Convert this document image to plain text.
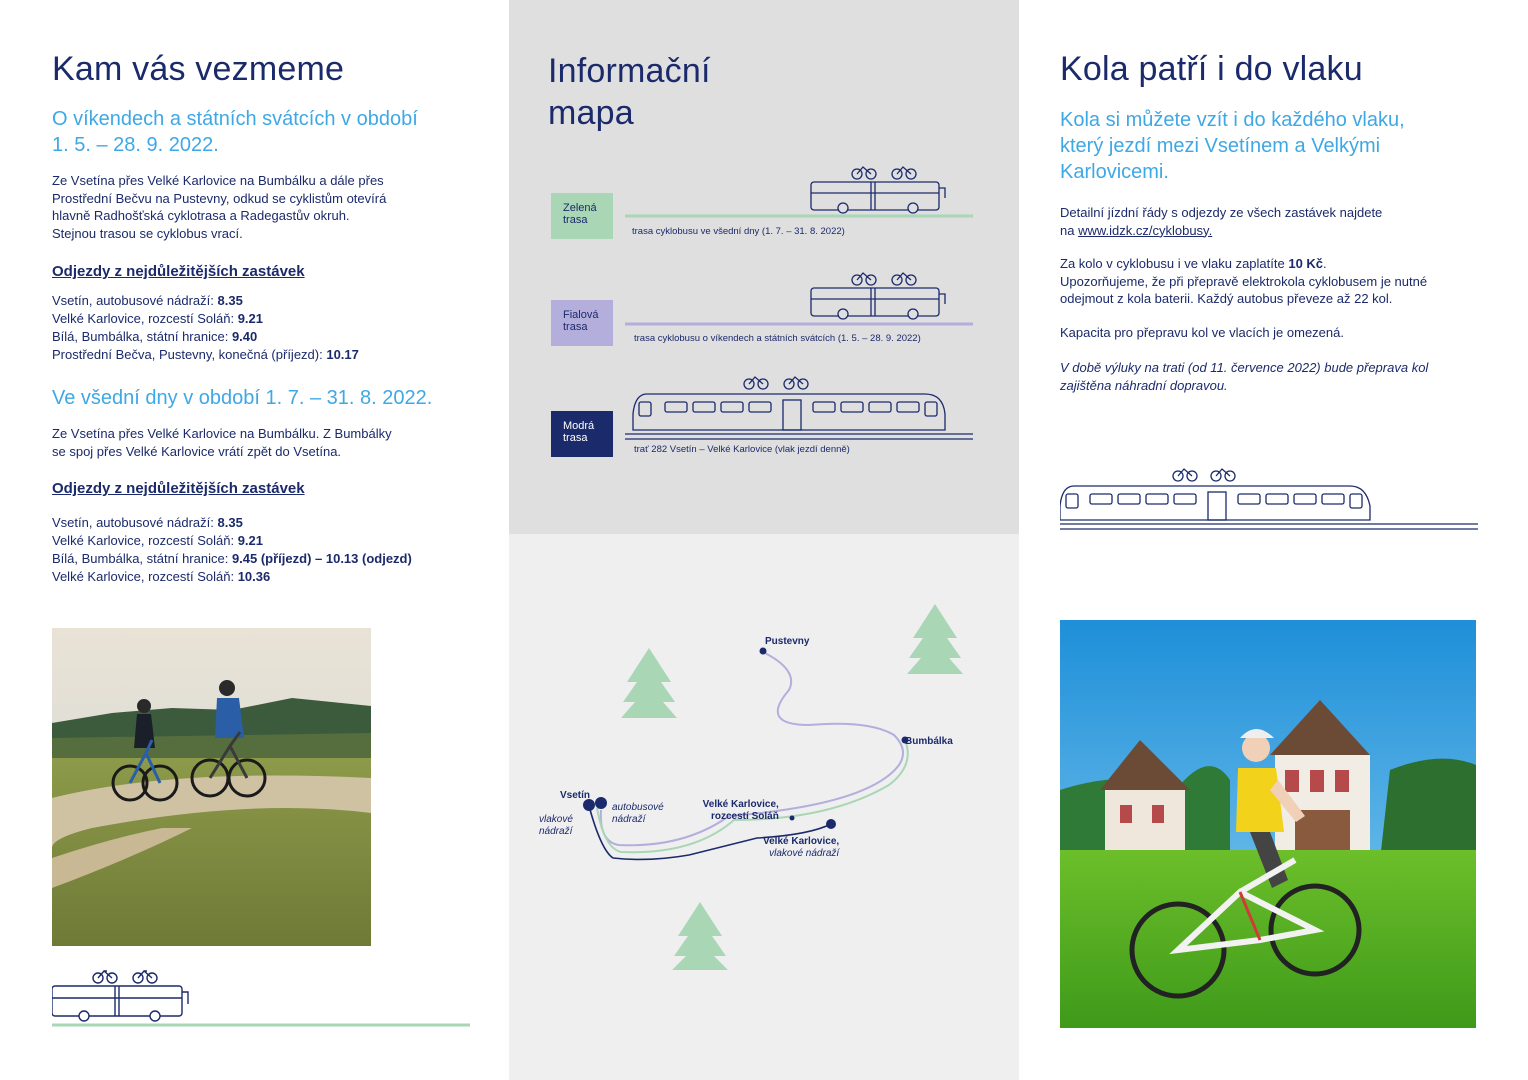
Kam vás vezmeme
O víkendech a státních svátcích v období
1. 5. – 28. 9. 2022.
Ze Vsetína přes Velké Karlovice na Bumbálku a dále přes
Prostřední Bečvu na Pustevny, odkud se cyklistům otevírá
hlavně Radhošťská cyklotrasa a Radegastův okruh.
Stejnou trasou se cyklobus vrací.
Odjezdy z nejdůležitějších zastávek
Vsetín, autobusové nádraží: 8.35
Velké Karlovice, rozcestí Soláň: 9.21
Bílá, Bumbálka, státní hranice: 9.40
Prostřední Bečva, Pustevny, konečná (příjezd): 10.17
Ve všední dny v období 1. 7. – 31. 8. 2022.
Ze Vsetína přes Velké Karlovice na Bumbálku. Z Bumbálky
se spoj přes Velké Karlovice vrátí zpět do Vsetína.
Odjezdy z nejdůležitějších zastávek
Vsetín, autobusové nádraží: 8.35
Velké Karlovice, rozcestí Soláň: 9.21
Bílá, Bumbálka, státní hranice: 9.45 (příjezd) – 10.13 (odjezd)
Velké Karlovice, rozcestí Soláň: 10.36
Informační
mapa
Zelená
trasa
trasa cyklobusu ve všední dny (1. 7. – 31. 8. 2022)
Fialová
trasa
trasa cyklobusu o víkendech a státních svátcích (1. 5. – 28. 9. 2022)
Modrá
trasa
trať 282 Vsetín – Velké Karlovice (vlak jezdí denně)
Pustevny
Bumbálka
Vsetín
vlakové
nádraží
autobusové
nádraží
Velké Karlovice,
rozcestí Soláň
Velké Karlovice,
vlakové nádraží
Kola patří i do vlaku
Kola si můžete vzít i do každého vlaku,
který jezdí mezi Vsetínem a Velkými
Karlovicemi.
Detailní jízdní řády s odjezdy ze všech zastávek najdete
na www.idzk.cz/cyklobusy.
Za kolo v cyklobusu i ve vlaku zaplatíte 10 Kč.
Upozorňujeme, že při přepravě elektrokola cyklobusem je nutné
odejmout z kola baterii. Každý autobus převeze až 22 kol.
Kapacita pro přepravu kol ve vlacích je omezená.
V době výluky na trati (od 11. července 2022) bude přeprava kol
zajištěna náhradní dopravou.
